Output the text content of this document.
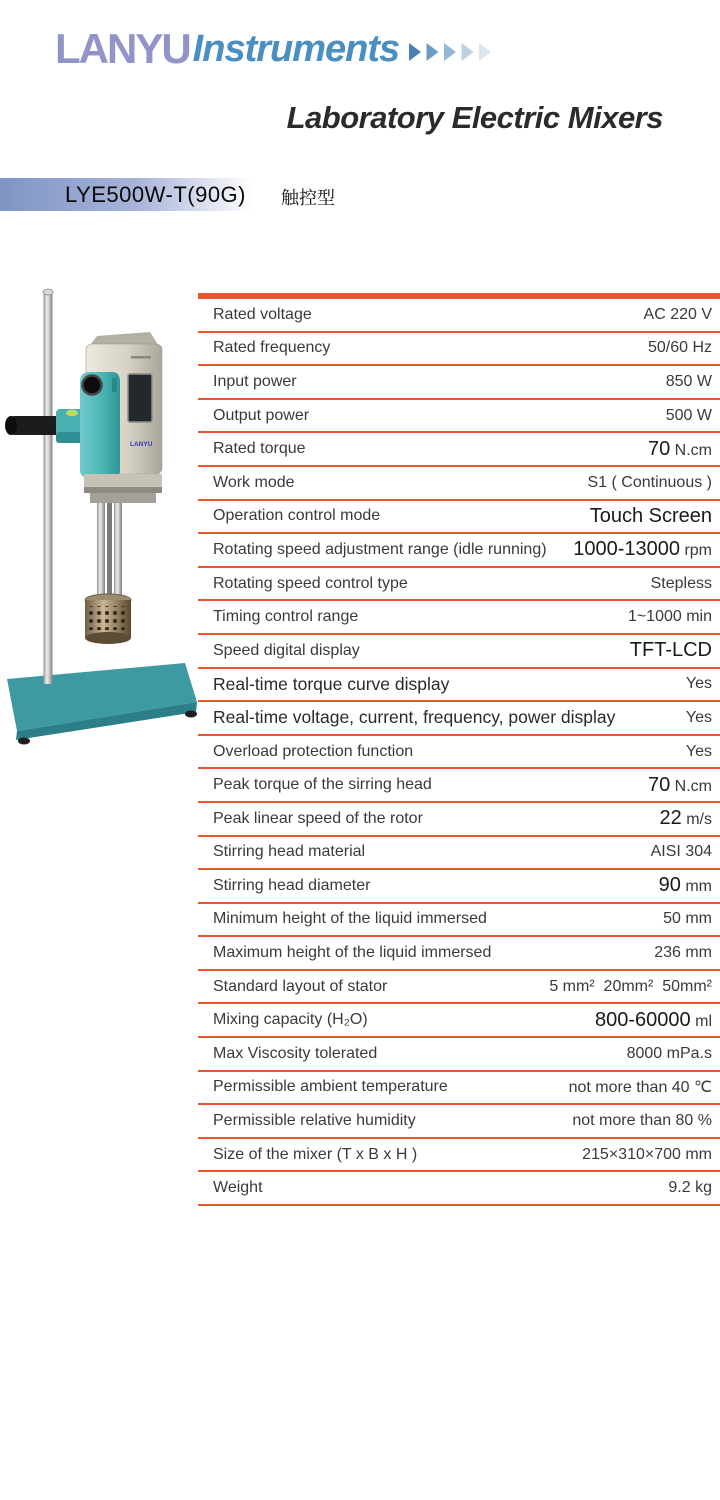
LANYU Instruments
Laboratory Electric Mixers
LYE500W-T(90G) 触控型
LANYU
Rated voltage	AC 220 V
Rated frequency	50/60 Hz
Input power	850 W
Output power	500 W
Rated torque	70 N.cm
Work mode	S1 ( Continuous )
Operation control mode	Touch Screen
Rotating speed adjustment range (idle running) 1000-13000 rpm
Rotating speed control type	Stepless
Timing control range	1~1000 min
Speed digital display	TFT-LCD
Real-time torque curve display	Yes
Real-time voltage, current, frequency, power display	Yes
Overload protection function	Yes
Peak torque of the sirring head	70 N.cm
Peak linear speed of the rotor	22 m/s
Stirring head material	AISI 304
Stirring head diameter	90 mm
Minimum height of the liquid immersed	50 mm
Maximum height of the liquid immersed	236 mm
Standard layout of stator	5 mm²  20mm²  50mm²
Mixing capacity (H₂O)	800-60000 ml
Max Viscosity tolerated	8000 mPa.s
Permissible ambient temperature	not more than 40 ℃
Permissible relative humidity	not more than 80 %
Size of the mixer (T x B x H )	215×310×700 mm
Weight	9.2 kg
